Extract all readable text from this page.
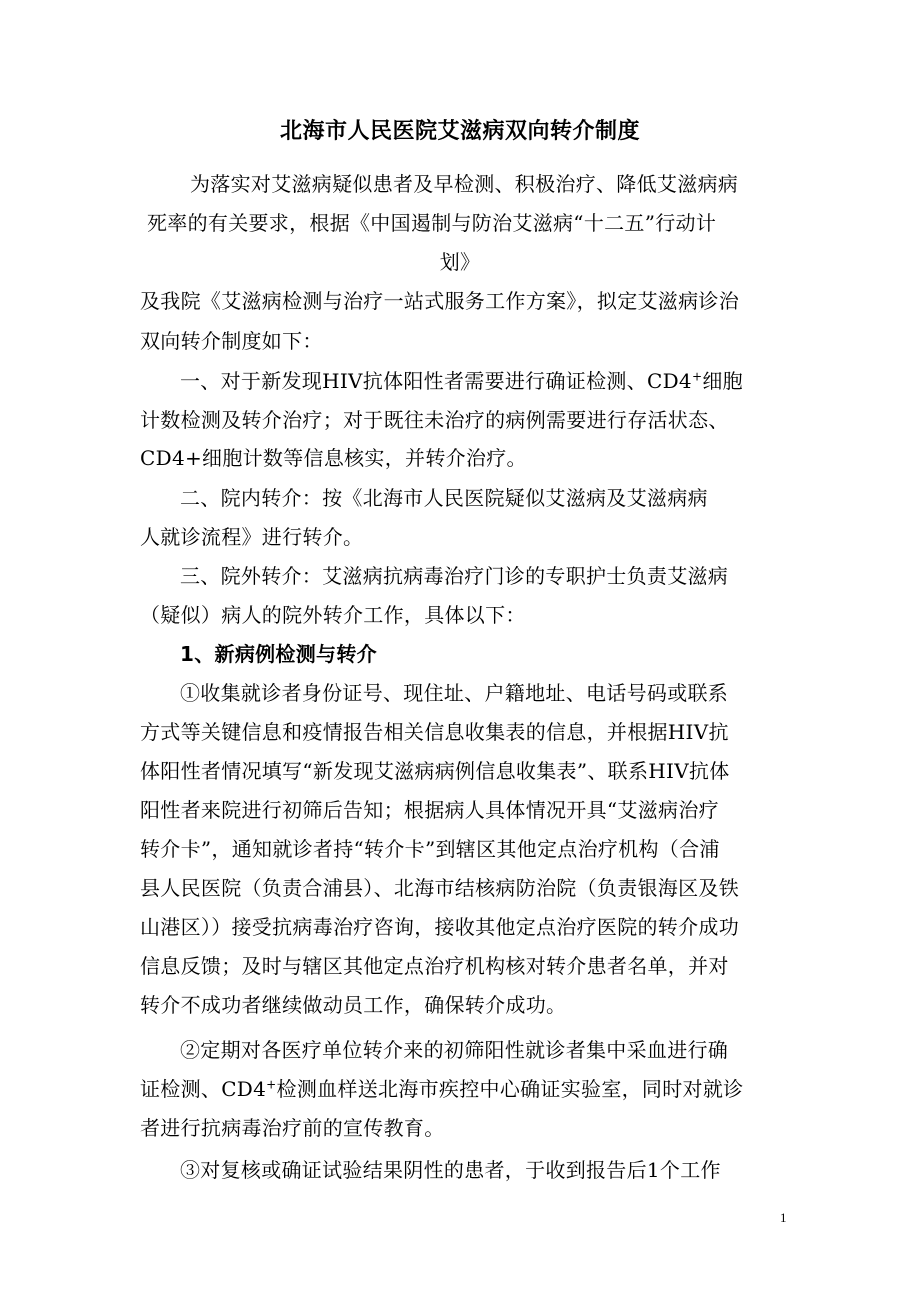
北海市人民医院艾滋病双向转介制度
为落实对艾滋病疑似患者及早检测、积极治疗、降低艾滋病病
死率的有关要求，根据《中国遏制与防治艾滋病“十二五”行动计
划》
及我院《艾滋病检测与治疗一站式服务工作方案》，拟定艾滋病诊治
双向转介制度如下：
一、对于新发现HIV抗体阳性者需要进行确证检测、CD4+细胞
计数检测及转介治疗；对于既往未治疗的病例需要进行存活状态、
CD4+细胞计数等信息核实，并转介治疗。
二、院内转介：按《北海市人民医院疑似艾滋病及艾滋病病
人就诊流程》进行转介。
三、院外转介：艾滋病抗病毒治疗门诊的专职护士负责艾滋病
（疑似）病人的院外转介工作，具体以下：
1、新病例检测与转介
①收集就诊者身份证号、现住址、户籍地址、电话号码或联系
方式等关键信息和疫情报告相关信息收集表的信息，并根据HIV抗
体阳性者情况填写“新发现艾滋病病例信息收集表”、联系HIV抗体
阳性者来院进行初筛后告知；根据病人具体情况开具“艾滋病治疗
转介卡”，通知就诊者持“转介卡”到辖区其他定点治疗机构（合浦
县人民医院（负责合浦县）、北海市结核病防治院（负责银海区及铁
山港区））接受抗病毒治疗咨询，接收其他定点治疗医院的转介成功
信息反馈；及时与辖区其他定点治疗机构核对转介患者名单，并对
转介不成功者继续做动员工作，确保转介成功。
②定期对各医疗单位转介来的初筛阳性就诊者集中采血进行确
证检测、CD4+检测血样送北海市疾控中心确证实验室，同时对就诊
者进行抗病毒治疗前的宣传教育。
③对复核或确证试验结果阴性的患者，于收到报告后1个工作
1
